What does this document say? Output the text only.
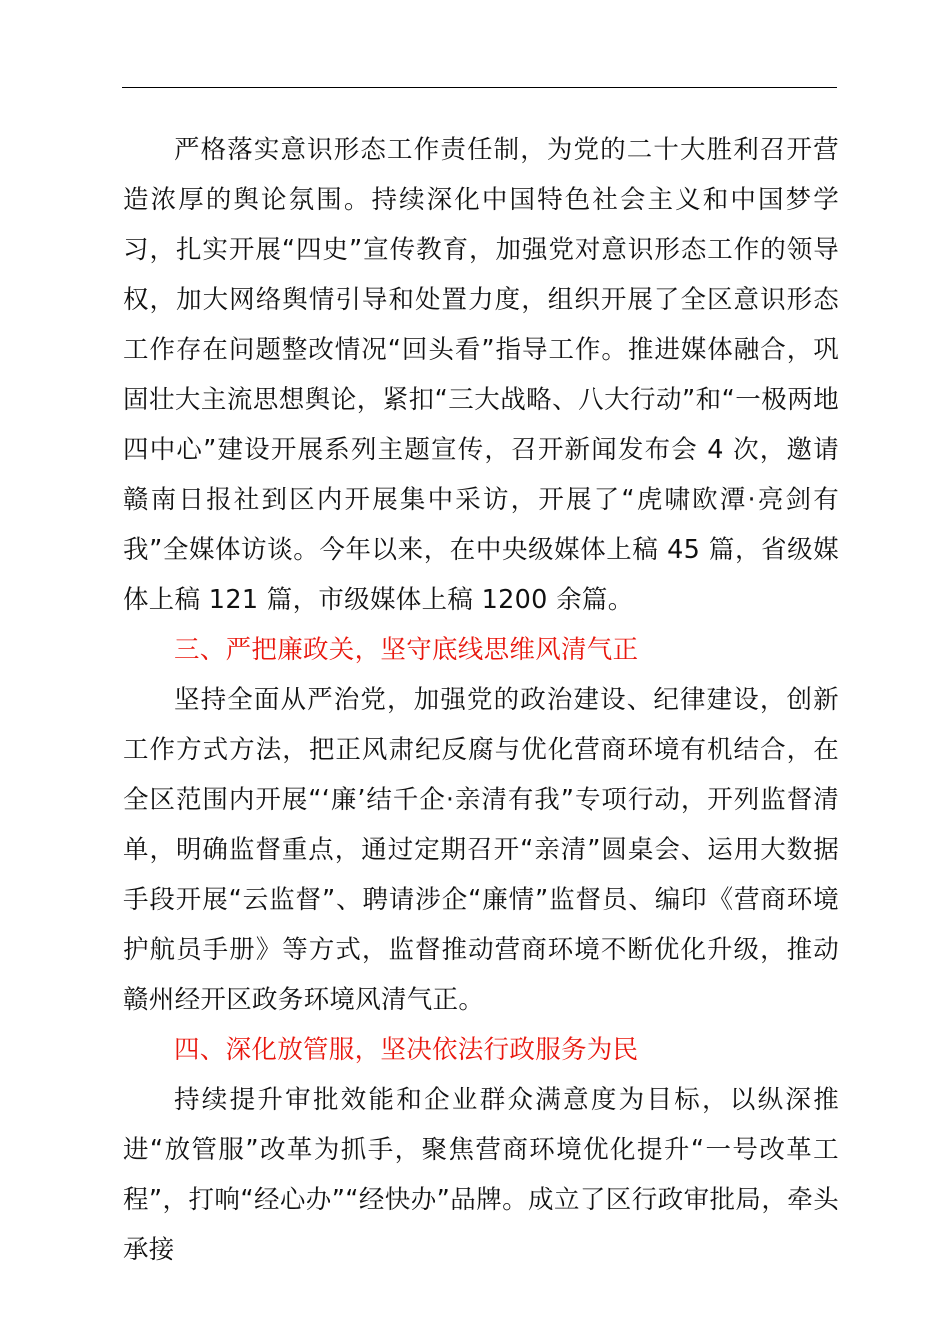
严格落实意识形态工作责任制，为党的二十大胜利召开营造浓厚的舆论氛围。持续深化中国特色社会主义和中国梦学习，扎实开展“四史”宣传教育，加强党对意识形态工作的领导权，加大网络舆情引导和处置力度，组织开展了全区意识形态工作存在问题整改情况“回头看”指导工作。推进媒体融合，巩固壮大主流思想舆论，紧扣“三大战略、八大行动”和“一极两地四中心”建设开展系列主题宣传，召开新闻发布会 4 次，邀请赣南日报社到区内开展集中采访，开展了“虎啸欧潭·亮剑有我”全媒体访谈。今年以来，在中央级媒体上稿 45 篇，省级媒体上稿 121 篇，市级媒体上稿 1200 余篇。

三、严把廉政关，坚守底线思维风清气正

坚持全面从严治党，加强党的政治建设、纪律建设，创新工作方式方法，把正风肃纪反腐与优化营商环境有机结合，在全区范围内开展“‘廉’结千企·亲清有我”专项行动，开列监督清单，明确监督重点，通过定期召开“亲清”圆桌会、运用大数据手段开展“云监督”、聘请涉企“廉情”监督员、编印《营商环境护航员手册》等方式，监督推动营商环境不断优化升级，推动赣州经开区政务环境风清气正。

四、深化放管服，坚决依法行政服务为民

持续提升审批效能和企业群众满意度为目标，以纵深推进“放管服”改革为抓手，聚焦营商环境优化提升“一号改革工程”，打响“经心办”“经快办”品牌。成立了区行政审批局，牵头承接
